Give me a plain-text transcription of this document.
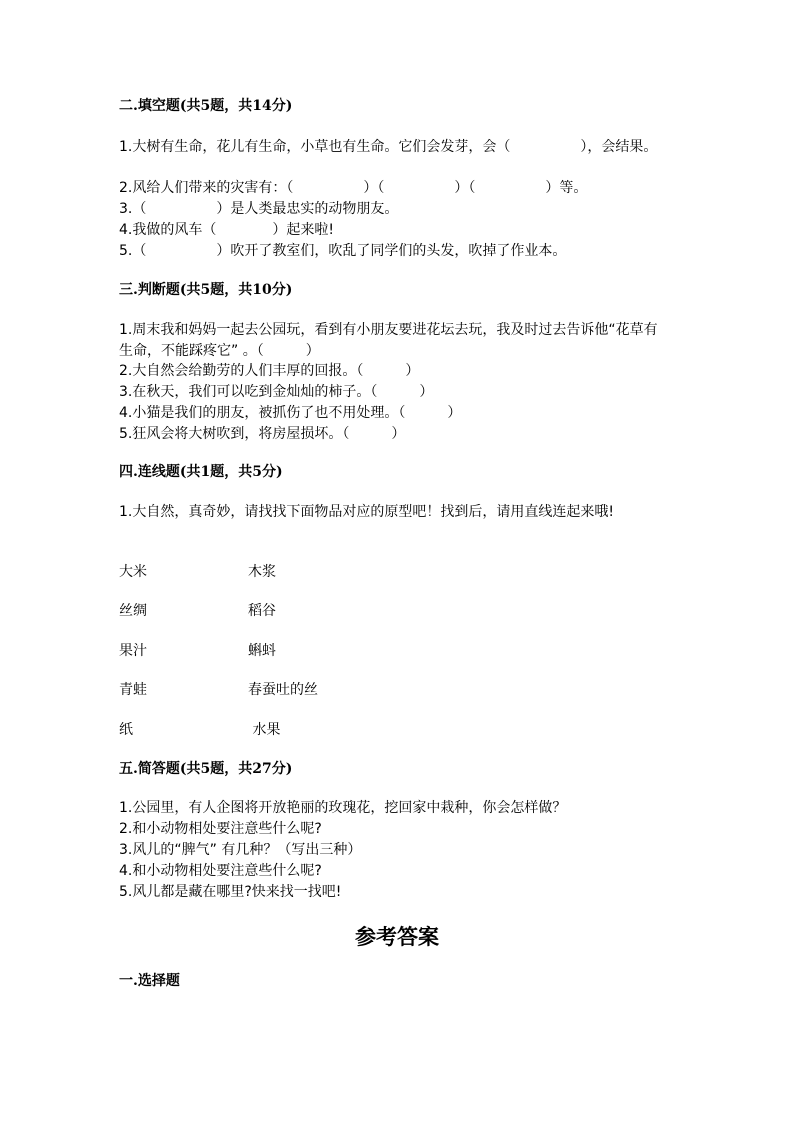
二.填空题(共5题，共14分)
1.大树有生命，花儿有生命，小草也有生命。它们会发芽，会（　　　　　），会结果。
2.风给人们带来的灾害有：（　　　　　）（　　　　　）（　　　　　）等。
3.（　　　　　）是人类最忠实的动物朋友。
4.我做的风车（　　　　）起来啦!
5.（　　　　　）吹开了教室们，吹乱了同学们的头发，吹掉了作业本。
三.判断题(共5题，共10分)
1.周末我和妈妈一起去公园玩，看到有小朋友要进花坛去玩，我及时过去告诉他“花草有生命，不能踩疼它” 。（　　　）
2.大自然会给勤劳的人们丰厚的回报。（　　　）
3.在秋天，我们可以吃到金灿灿的柿子。（　　　）
4.小猫是我们的朋友，被抓伤了也不用处理。（　　　）
5.狂风会将大树吹到，将房屋损坏。（　　　）
四.连线题(共1题，共5分)
1.大自然，真奇妙，请找找下面物品对应的原型吧！找到后，请用直线连起来哦!
大米	木浆
丝绸	稻谷
果汁	蝌蚪
青蛙	春蚕吐的丝
纸	水果
五.简答题(共5题，共27分)
1.公园里，有人企图将开放艳丽的玫瑰花，挖回家中栽种，你会怎样做？
2.和小动物相处要注意些什么呢?
3.风儿的“脾气” 有几种？（写出三种）
4.和小动物相处要注意些什么呢?
5.风儿都是藏在哪里?快来找一找吧!
参考答案
一.选择题
